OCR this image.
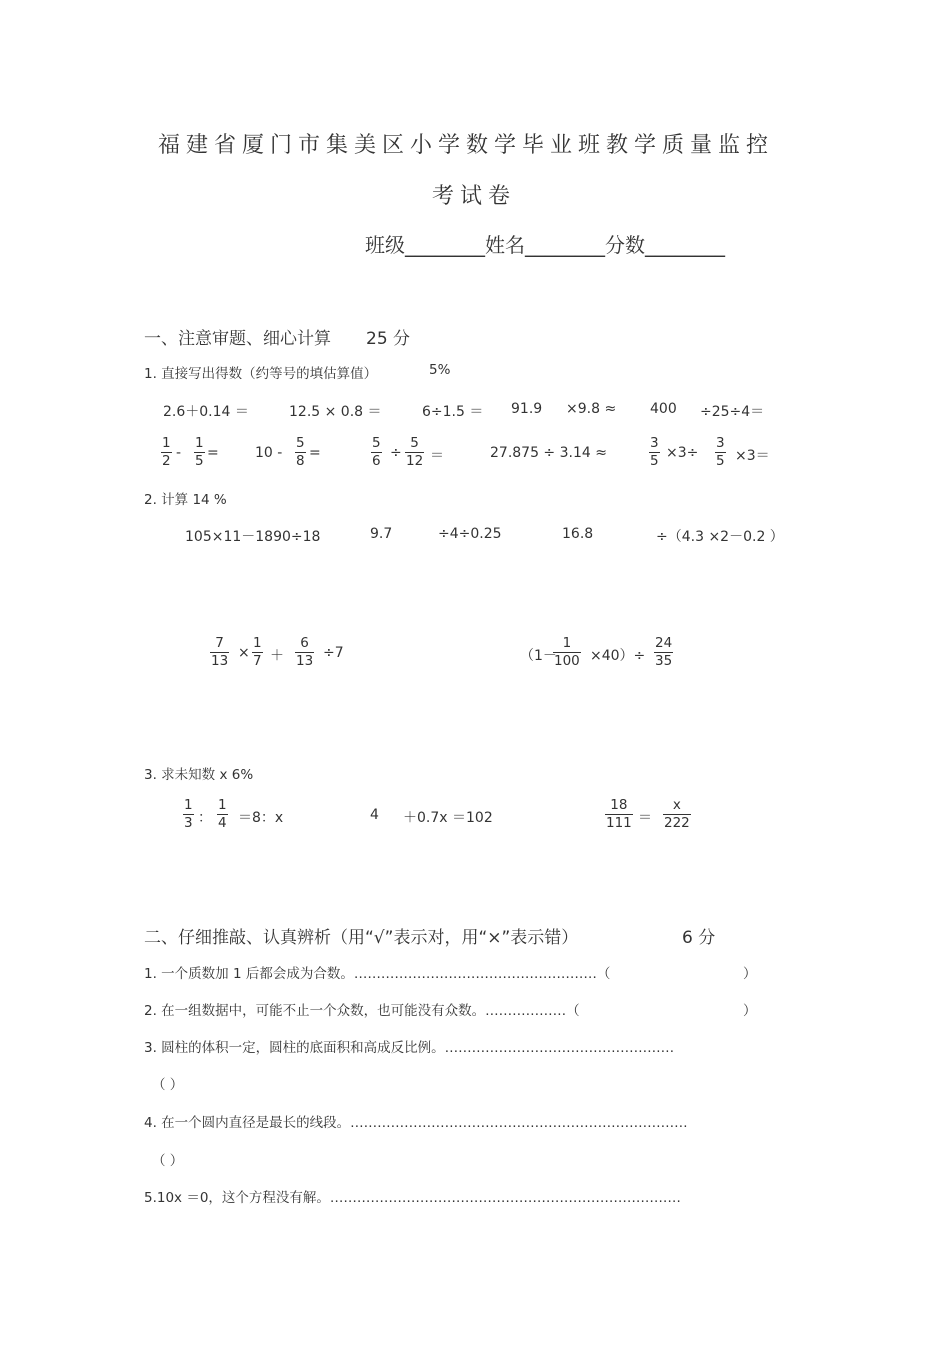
福建省厦门市集美区小学数学毕业班教学质量监控
考试卷
班级________姓名________分数________
一、注意审题、细心计算 25 分
1. 直接写出得数（约等号的填估算值）	5%
2.6＋0.14 ＝	12.5 × 0.8 ＝	6÷1.5 ＝ 91.9 ×9.8 ≈ 400 ÷25÷4＝
$\frac{1}{2} - \frac{1}{5}$ =	$10 - \frac{5}{8}$ =	$\frac{5}{6} \div \frac{5}{12}$ ＝	27.875 ÷ 3.14 ≈	$\frac{3}{5} \times 3\div \frac{3}{5} \times 3=$
2. 计算 14 %
105×11－1890÷18	9.7	÷4÷0.25	16.8	÷（4.3 ×2－0.2 ）
$\frac{7}{13} \times \frac{1}{7} + \frac{6}{13} \div 7$	（1－
$\frac{1}{100} \times 40)\div \frac{24}{35}$
3. 求未知数 x 6%
$\frac{1}{3}$ ： $\frac{1}{4} =8$：x	4 ＋0.7x ＝102	$\frac{18}{111} = \frac{x}{222}$
二、仔细推敲、认真辨析（用“√”表示对，用“×”表示错）	6 分
1. 一个质数加 1 后都会成为合数。………………………………………………（	）
2. 在一组数据中，可能不止一个众数，也可能没有众数。………………（	）
3. 圆柱的体积一定，圆柱的底面积和高成反比例。……………………………………………
（ ）
4. 在一个圆内直径是最长的线段。…………………………………………………………………
（ ）
5.10x ＝0，这个方程没有解。……………………………………………………………………
